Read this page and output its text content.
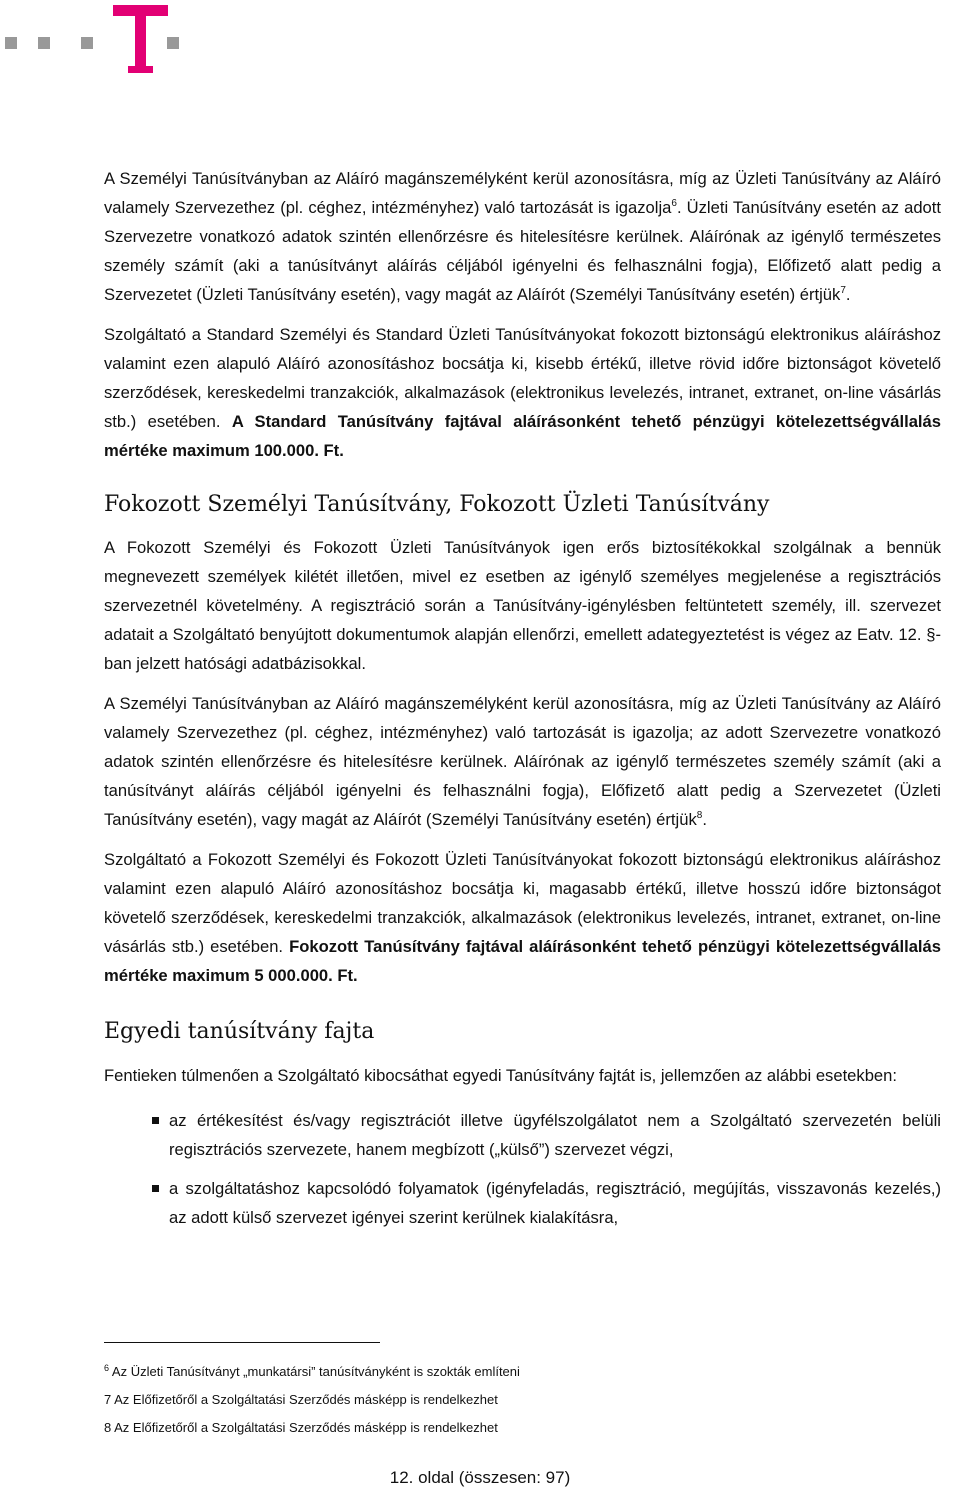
A Személyi Tanúsítványban az Aláíró magánszemélyként kerül azonosításra, míg az Üzleti Tanúsítvány az Aláíró valamely Szervezethez (pl. céghez, intézményhez) való tartozását is igazolja$^6$. Üzleti Tanúsítvány esetén az adott Szervezetre vonatkozó adatok szintén ellenőrzésre és hitelesítésre kerülnek. Aláírónak az igénylő természetes személy számít (aki a tanúsítványt aláírás céljából igényelni és felhasználni fogja), Előfizető alatt pedig a Szervezetet (Üzleti Tanúsítvány esetén), vagy magát az Aláírót (Személyi Tanúsítvány esetén) értjük$^7$.

Szolgáltató a Standard Személyi és Standard Üzleti Tanúsítványokat fokozott biztonságú elektronikus aláíráshoz valamint ezen alapuló Aláíró azonosításhoz bocsátja ki, kisebb értékű, illetve rövid időre biztonságot követelő szerződések, kereskedelmi tranzakciók, alkalmazások (elektronikus levelezés, intranet, extranet, on-line vásárlás stb.) esetében. A Standard Tanúsítvány fajtával aláírásonként tehető pénzügyi kötelezettségvállalás mértéke maximum 100.000. Ft.

Fokozott Személyi Tanúsítvány, Fokozott Üzleti Tanúsítvány

A Fokozott Személyi és Fokozott Üzleti Tanúsítványok igen erős biztosítékokkal szolgálnak a bennük megnevezett személyek kilétét illetően, mivel ez esetben az igénylő személyes megjelenése a regisztrációs szervezetnél követelmény. A regisztráció során a Tanúsítvány-igénylésben feltüntetett személy, ill. szervezet adatait a Szolgáltató benyújtott dokumentumok alapján ellenőrzi, emellett adategyeztetést is végez az Eatv. 12. §-ban jelzett hatósági adatbázisokkal.

A Személyi Tanúsítványban az Aláíró magánszemélyként kerül azonosításra, míg az Üzleti Tanúsítvány az Aláíró valamely Szervezethez (pl. céghez, intézményhez) való tartozását is igazolja; az adott Szervezetre vonatkozó adatok szintén ellenőrzésre és hitelesítésre kerülnek. Aláírónak az igénylő természetes személy számít (aki a tanúsítványt aláírás céljából igényelni és felhasználni fogja), Előfizető alatt pedig a Szervezetet (Üzleti Tanúsítvány esetén), vagy magát az Aláírót (Személyi Tanúsítvány esetén) értjük$^8$.

Szolgáltató a Fokozott Személyi és Fokozott Üzleti Tanúsítványokat fokozott biztonságú elektronikus aláíráshoz valamint ezen alapuló Aláíró azonosításhoz bocsátja ki, magasabb értékű, illetve hosszú időre biztonságot követelő szerződések, kereskedelmi tranzakciók, alkalmazások (elektronikus levelezés, intranet, extranet, on-line vásárlás stb.) esetében. Fokozott Tanúsítvány fajtával aláírásonként tehető pénzügyi kötelezettségvállalás mértéke maximum 5 000.000. Ft.

Egyedi tanúsítvány fajta

Fentieken túlmenően a Szolgáltató kibocsáthat egyedi Tanúsítvány fajtát is, jellemzően az alábbi esetekben:

az értékesítést és/vagy regisztrációt illetve ügyfélszolgálatot nem a Szolgáltató szervezetén belüli regisztrációs szervezete, hanem megbízott („külső”) szervezet végzi,
a szolgáltatáshoz kapcsolódó folyamatok (igényfeladás, regisztráció, megújítás, visszavonás kezelés,) az adott külső szervezet igényei szerint kerülnek kialakításra,
$^6$ Az Üzleti Tanúsítványt „munkatársi” tanúsítványként is szokták említeni
7 Az Előfizetőről a Szolgáltatási Szerződés másképp is rendelkezhet
8 Az Előfizetőről a Szolgáltatási Szerződés másképp is rendelkezhet
12. oldal (összesen: 97)
